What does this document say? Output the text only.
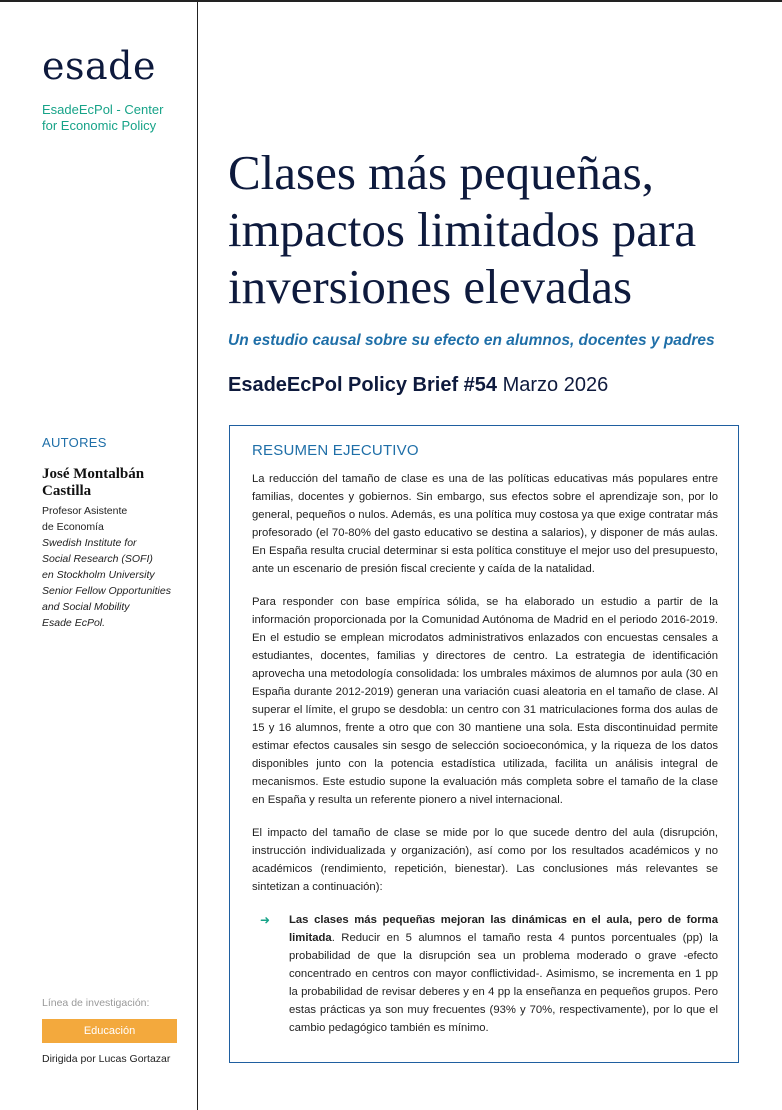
esade
EsadeEcPol - Center
for Economic Policy
AUTORES
José Montalbán
Castilla
Profesor Asistente
de Economía
Swedish Institute for
Social Research (SOFI)
en Stockholm University
Senior Fellow Opportunities
and Social Mobility
Esade EcPol.
Línea de investigación:
Educación
Dirigida por Lucas Gortazar
Clases más pequeñas,
impactos limitados para
inversiones elevadas
Un estudio causal sobre su efecto en alumnos, docentes y padres
EsadeEcPol Policy Brief #54 Marzo 2026
RESUMEN EJECUTIVO

La reducción del tamaño de clase es una de las políticas educativas más populares entre familias, docentes y gobiernos. Sin embargo, sus efectos sobre el aprendizaje son, por lo general, pequeños o nulos. Además, es una política muy costosa ya que exige contratar más profesorado (el 70-80% del gasto educativo se destina a salarios), y disponer de más aulas. En España resulta crucial determinar si esta política constituye el mejor uso del presupuesto, ante un escenario de presión fiscal creciente y caída de la natalidad.

Para responder con base empírica sólida, se ha elaborado un estudio a partir de la información proporcionada por la Comunidad Autónoma de Madrid en el periodo 2016-2019. En el estudio se emplean microdatos administrativos enlazados con encuestas censales a estudiantes, docentes, familias y directores de centro. La estrategia de identificación aprovecha una metodología consolidada: los umbrales máximos de alumnos por aula (30 en España durante 2012-2019) generan una variación cuasi aleatoria en el tamaño de clase. Al superar el límite, el grupo se desdobla: un centro con 31 matriculaciones forma dos aulas de 15 y 16 alumnos, frente a otro que con 30 mantiene una sola. Esta discontinuidad permite estimar efectos causales sin sesgo de selección socioeconómica, y la riqueza de los datos disponibles junto con la potencia estadística utilizada, facilita un análisis integral de mecanismos. Este estudio supone la evaluación más completa sobre el tamaño de la clase en España y resulta un referente pionero a nivel internacional.

El impacto del tamaño de clase se mide por lo que sucede dentro del aula (disrupción, instrucción individualizada y organización), así como por los resultados académicos y no académicos (rendimiento, repetición, bienestar). Las conclusiones más relevantes se sintetizan a continuación):

➜ Las clases más pequeñas mejoran las dinámicas en el aula, pero de forma limitada. Reducir en 5 alumnos el tamaño resta 4 puntos porcentuales (pp) la probabilidad de que la disrupción sea un problema moderado o grave -efecto concentrado en centros con mayor conflictividad-. Asimismo, se incrementa en 1 pp la probabilidad de revisar deberes y en 4 pp la enseñanza en pequeños grupos. Pero estas prácticas ya son muy frecuentes (93% y 70%, respectivamente), por lo que el cambio pedagógico también es mínimo.
